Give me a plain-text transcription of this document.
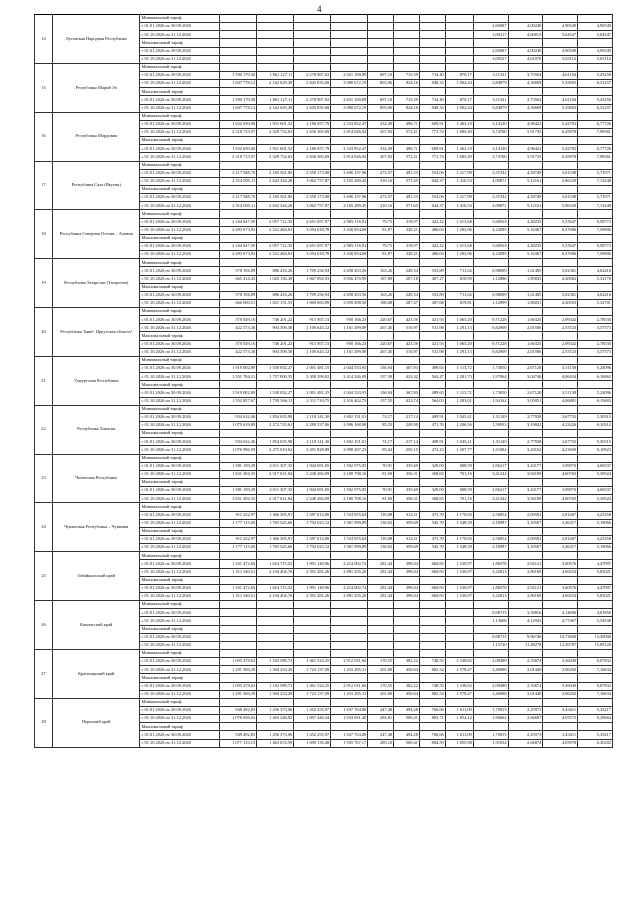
4
14	Луганская Народная Республика	Минимальный тариф												
		с 01.01.2026 по 30.09.2026									2,65687	4,00240	4,90549	4,90549
		с 01.10.2026 по 31.12.2026									3,09217	4,60015	5,64547	5,64547
		Максимальный тариф												
		с 01.01.2026 по 30.09.2026									2,65687	4,00240	4,90549	4,90549
		с 01.10.2026 по 31.12.2026									3,09527	4,61076	5,65112	5,65112
15	Республика Марий Эл	Минимальный тариф												
		с 01.01.2026 по 30.09.2026	1 590 170,50	1 861 127,11	2 278 967,02	2 651 180,89	697,10	715,59	734,40	870,17	3,11321	3,75564	4,61104	5,43250
		с 01.10.2026 по 31.12.2026	1 847 778,12	2 162 629,30	2 645 835,68	3 080 672,19	803,06	824,16	848,33	1 002,44	3,84879	4,36609	5,35803	6,31257
		Максимальный тариф												
		с 01.01.2026 по 30.09.2026	1 590 170,50	1 861 127,11	2 278 967,02	2 651 180,89	697,10	715,59	734,40	870,17	3,11321	3,75564	4,61104	5,43250
		с 01.10.2026 по 31.12.2026	1 847 778,12	2 162 629,30	2 645 835,68	3 080 672,19	803,06	824,16	848,33	1 002,44	3,84879	4,36609	5,35803	6,31257
16	Республика Мордовия	Минимальный тариф												
		с 01.01.2026 по 30.09.2026	1 922 650,06	1 931 601,52	2 186 057,79	2 333 852,47	232,49	496,71	609,91	1 463,10	3,14140	4,96422	5,42783	6,77726
		с 01.10.2026 по 31.12.2026	2 318 715,97	2 329 752,63	2 636 365,69	2 814 626,02	267,83	572,21	771,74	1 685,49	3,74760	5,91735	6,45978	7,98361
		Максимальный тариф												
		с 01.01.2026 по 30.09.2026	1 922 650,06	1 931 601,52	2 186 057,79	2 333 852,47	232,49	496,71	609,91	1 463,10	3,14140	4,96422	5,42783	6,77726
		с 01.10.2026 по 31.12.2026	2 318 715,97	2 329 752,63	2 636 365,69	2 814 626,02	267,83	572,21	771,74	1 685,49	3,74760	5,91735	6,45978	7,98361
17	Республика Саха (Якутия)	Минимальный тариф												
		с 01.01.2026 по 30.09.2026	2 117 948,70	2 185 561,85	2 550 173,08	2 696 157,96	273,57	491,53	554,06	1 217,99	3,37342	4,30749	5,01538	5,71971
		с 01.10.2026 по 31.12.2026	2 514 005,11	2 642 344,28	3 062 757,87	3 165 289,45	318,16	571,65	644,37	1 416,53	4,09871	5,12161	5,96329	7,13248
		Максимальный тариф												
		с 01.01.2026 по 30.09.2026	2 117 948,70	2 185 561,85	2 550 173,08	2 696 157,96	273,57	491,53	554,06	1 217,99	3,37342	4,30749	5,01538	5,71971
		с 01.10.2026 по 31.12.2026	2 514 005,11	2 642 344,28	3 062 757,87	3 165 289,45	318,16	571,65	644,37	1 416,53	4,09871	5,12161	5,96329	7,13248
18	Республика Северная Осетия – Алания	Минимальный тариф												
		с 01.01.2026 по 30.09.2026	2 164 647,50	3 057 712,35	2 651 057,97	2 985 116,91	79,75	319,97	422,42	1 013,68	3,68563	4,48235	5,53547	6,58773
		с 01.10.2026 по 31.12.2026	2 493 673,92	3 522 484,63	3 054 018,78	3 438 854,68	91,87	338,21	486,63	1 292,96	4,24585	5,16367	6,37686	7,58906
		Максимальный тариф												
		с 01.01.2026 по 30.09.2026	2 164 647,50	3 057 712,35	2 651 057,97	2 985 116,91	79,75	319,97	422,42	1 013,68	3,68563	4,48235	5,53547	6,58773
		с 01.10.2026 по 31.12.2026	2 493 673,92	3 522 484,63	3 054 018,78	3 438 854,68	91,87	338,21	486,63	1 292,96	4,24585	5,16367	6,37686	7,58906
19	Республика Татарстан (Татарстан)	Минимальный тариф												
		с 01.01.2026 по 30.09.2026	578 194,89	886 416,26	1 709 256,94	2 658 453,56	163,26	249,54	353,89	711,64	0,98089	1,61485	3,82381	4,62416
		с 01.10.2026 по 31.12.2026	665 414,43	1 020 136,38	1 967 094,93	3 056 470,99	187,89	287,18	407,27	818,99	1,12886	1,85845	4,40062	5,32170
		Максимальный тариф												
		с 01.01.2026 по 30.09.2026	578 194,89	886 416,26	1 709 256,94	2 658 453,56	163,26	249,54	353,89	711,64	0,98089	1,61485	3,82381	4,62416
		с 01.10.2026 по 31.12.2026	666 000,51	1 021 151,53	1 969 063,99	3 059 498,50	188,08	287,47	407,68	819,81	1,12999	1,86031	4,40503	5,32701
20	Республика Тыва¹; Иркутская область¹	Минимальный тариф												
		с 01.01.2026 по 30.09.2026	370 029,16	746 201,22	915 567,13	958 166,23	220,67	421,59	421,93	1 065,20	0,71228	1,66325	2,09342	2,78530
		с 01.10.2026 по 31.12.2026	422 573,30	904 309,30	1 100 643,12	1 161 299,89	267,45	510,97	531,98	1 291,13	0,82909	2,01586	2,53723	3,37573
		Максимальный тариф												
		с 01.01.2026 по 30.09.2026	370 029,16	746 201,22	915 567,13	958 166,23	220,67	421,59	421,93	1 065,20	0,71228	1,66325	2,09342	2,78530
		с 01.10.2026 по 31.12.2026	422 573,30	904 309,30	1 100 643,12	1 161 299,89	267,45	510,97	531,98	1 291,13	0,82909	2,01586	2,53723	3,37573
21	Удмуртская Республика	Минимальный тариф												
		с 01.01.2026 по 30.09.2026	1 919 002,89	1 530 052,27	2 001 481,15	2 044 533,93	136,94	367,83	489,63	1 113,72	1,73050	2,67120	3,51138	5,24096
		с 01.10.2026 по 31.12.2026	1 551 704,21	1 757 800,55	2 300 399,02	2 414 246,09	157,39	423,32	563,47	1 281,73	1,97064	3,04746	4,06434	6,16862
		Максимальный тариф												
		с 01.01.2026 по 30.09.2026	1 919 002,89	1 530 052,27	2 001 481,15	2 044 533,93	136,94	367,83	489,63	1 113,72	1,73050	2,67120	3,51138	5,24096
		с 01.10.2026 по 31.12.2026	1 552 857,67	1 759 566,11	2 311 710,75	2 416 462,75	157,55	423,74	564,03	1 283,01	1,94162	3,05051	4,06881	6,19483
22	Республика Хакасия	Минимальный тариф												
		с 01.01.2026 по 30.09.2026	934 632,46	1 854 655,98	2 118 141,30	1 692 151,01	74,17	217,14	409,91	1 045,41	1,31149	2,77938	3,67752	5,30315
		с 01.10.2026 по 31.12.2026	1 075 619,89	2 272 735,61	2 289 537,06	2 096 168,98	85,35	249,90	471,76	1 206,56	1,50933	3,19842	4,23226	6,10312
		Максимальный тариф												
		с 01.01.2026 по 30.09.2026	934 632,46	1 854 655,98	2 118 141,30	1 692 151,01	74,17	217,14	409,91	1 045,41	1,31149	2,77938	3,67752	5,30315
		с 01.10.2026 по 31.12.2026	1 076 996,59	2 275 010,62	2 291 828,89	2 098 267,23	85,44	250,15	472,23	1 207,77	1,51084	3,20162	4,23650	6,10923
23	Чеченская Республика	Минимальный тариф												
		с 01.01.2026 по 30.09.2026	1 581 159,29	2 011 307,33	1 944 691,05	1 592 975,83	70,91	335,69	329,00	608,59	2,96217	3,42177	3,99970	4,68337
		с 01.10.2026 по 31.12.2026	1 821 494,35	2 317 021,84	2 240 284,09	2 180 708,16	81,69	356,31	368,65	701,16	3,41242	3,94189	4,60765	5,39524
		Максимальный тариф												
		с 01.01.2026 по 30.09.2026	1 581 159,29	2 011 307,33	1 944 691,05	1 592 975,83	70,91	335,69	329,00	608,59	2,96217	3,42177	3,99970	4,68337
		с 01.10.2026 по 31.12.2026	1 821 494,35	2 317 021,84	2 240 284,09	2 180 708,16	81,69	356,31	368,65	701,16	3,41242	3,94189	4,60765	5,39524
24	Чувашская Республика – Чувашия	Минимальный тариф												
		с 01.01.2026 по 30.09.2026	911 232,97	1 366 305,91	1 587 014,80	1 554 055,64	118,08	312,21	473,70	1 170,65	2,56854	2,69592	2,81467	4,25358
		с 01.10.2026 по 31.12.2026	1 177 115,00	1 765 525,66	1 792 023,12	1 981 999,89	136,03	359,69	545,70	1 348,59	3,18987	3,10507	3,46317	5,19066
		Максимальный тариф												
		с 01.01.2026 по 30.09.2026	911 232,97	1 366 305,91	1 587 014,80	1 554 055,64	118,08	312,21	473,70	1 170,65	2,56854	2,69592	2,81467	4,25358
		с 01.10.2026 по 31.12.2026	1 177 115,00	1 765 525,66	1 792 023,12	1 981 999,89	136,03	359,69	545,70	1 348,59	3,18987	3,10507	3,46317	5,19066
25	Забайкальский край	Минимальный тариф												
		с 01.01.2026 по 30.09.2026	1 161 472,65	1 624 715,52	1 991 148,96	2 214 002,72	281,44	398,04	660,83	1 530,97	1,86578	2,92121	3,00576	4,47997
		с 01.10.2026 по 31.12.2026	1 511 540,51	2 104 404,76	2 591 281,26	2 881 355,20	281,44	398,04	660,83	1 530,97	2,42813	3,80169	4,69254	5,83021
		Максимальный тариф												
		с 01.01.2026 по 30.09.2026	1 161 472,65	1 624 715,52	1 991 148,96	2 214 002,72	281,44	398,04	660,83	1 530,97	1,86578	2,92121	3,60576	4,47997
		с 01.10.2026 по 31.12.2026	1 511 540,51	2 104 404,76	2 591 281,26	2 881 355,20	281,44	398,04	660,83	1 530,97	2,42813	3,80169	4,69254	5,83021
26	Камчатский край	Минимальный тариф												
		с 01.01.2026 по 30.09.2026									0,98715	3,58816	4,14006	4,81850
		с 01.10.2026 по 31.12.2026									1,13606	4,12943	4,77467	5,54538
		Максимальный тариф												
		с 01.01.2026 по 30.09.2026									0,98715	9,96740	10,73600	13,30000
		с 01.10.2026 по 31.12.2026									1,13720	11,48278	12,36787	15,09120
27	Красноярский край	Минимальный тариф												
		с 01.01.2026 по 30.09.2026	1 095 478,62	1 182 589,73	1 461 524,25	2 912 031,66	170,55	382,22	748,55	1 338,82	2,09489	2,55674	3,36049	6,07832
		с 01.10.2026 по 31.12.2026	1 291 569,29	1 394 233,29	1 723 137,09	1 433 285,31	201,08	450,64	882,54	1 578,47	2,46988	3,01440	3,96202	7,16634
		Максимальный тариф												
		с 01.01.2026 по 30.09.2026	1 095 478,62	1 182 589,73	1 461 524,25	2 912 031,66	170,55	382,22	748,55	1 338,82	2,09489	2,55674	3,36049	6,07832
		с 01.10.2026 по 31.12.2026	1 291 569,29	1 394 233,29	1 723 137,09	1 433 285,31	201,08	450,64	882,54	1 578,47	2,46988	3,01440	3,96202	7,16634
28	Пермский край	Минимальный тариф												
		с 01.01.2026 по 30.09.2026	949 492,83	1 256 373,06	1 452 255,97	1 637 704,88	247,48	494,28	766,66	1 611,09	1,70815	2,25973	3,43411	5,33217
		с 01.10.2026 по 31.12.2026	1 076 056,02	1 463 248,92	1 697 440,34	1 933 831,40	284,81	569,41	883,71	1 854,12	1,96662	2,66607	4,05572	6,29664
		Максимальный тариф												
		с 01.01.2026 по 30.09.2026	949 492,83	1 256 373,06	1 452 255,97	1 637 704,88	247,48	494,28	766,66	1 611,09	1,70815	2,25973	3,43411	5,33217
		с 01.10.2026 по 31.12.2026	1 077 133,15	1 463 674,59	1 699 139,48	1 935 767,17	285,10	569,41	884,59	1 855,98	1,91654	2,66874	4,05978	6,30282
